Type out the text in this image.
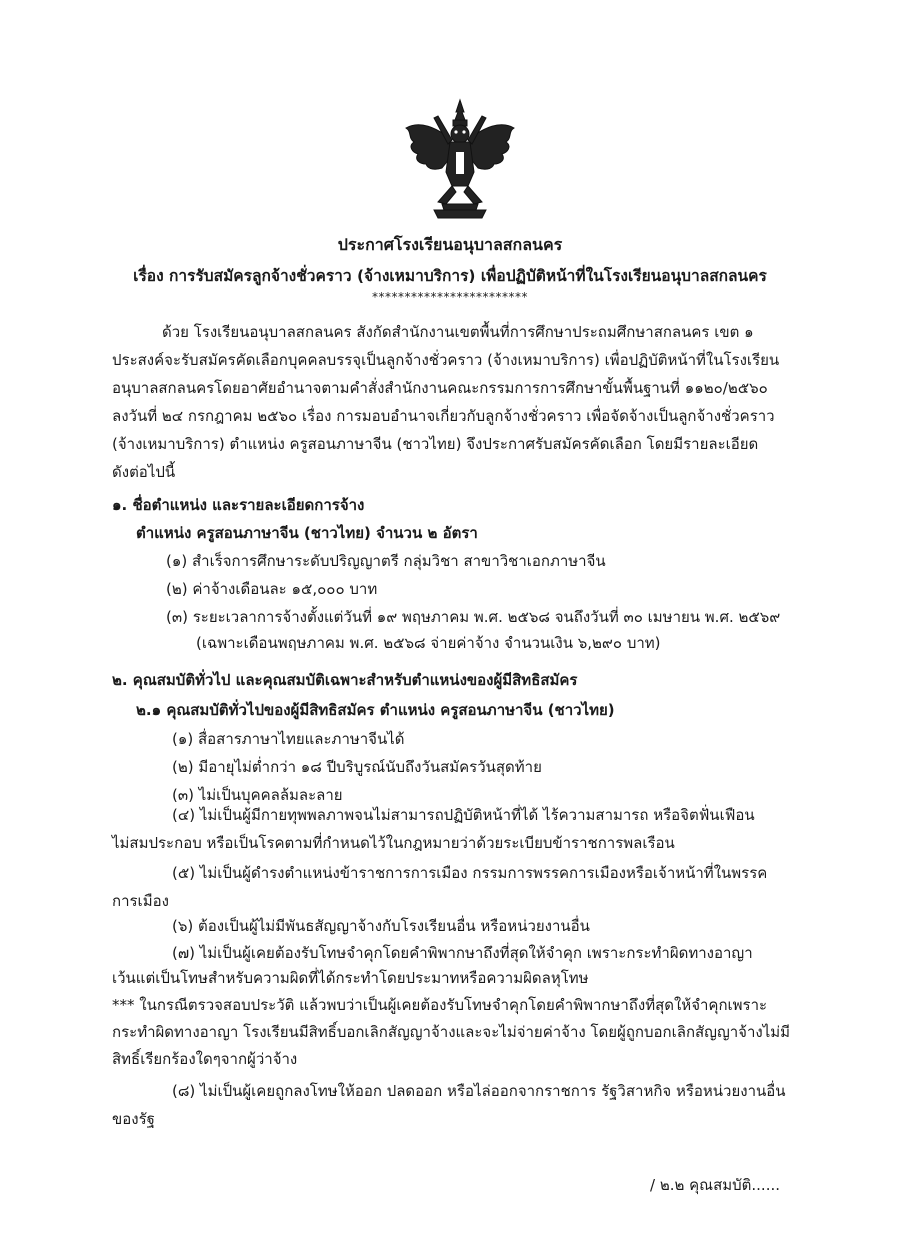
ประกาศโรงเรียนอนุบาลสกลนคร
เรื่อง การรับสมัครลูกจ้างชั่วคราว (จ้างเหมาบริการ) เพื่อปฏิบัติหน้าที่ในโรงเรียนอนุบาลสกลนคร
************************
ด้วย โรงเรียนอนุบาลสกลนคร สังกัดสำนักงานเขตพื้นที่การศึกษาประถมศึกษาสกลนคร เขต ๑
ประสงค์จะรับสมัครคัดเลือกบุคคลบรรจุเป็นลูกจ้างชั่วคราว (จ้างเหมาบริการ) เพื่อปฏิบัติหน้าที่ในโรงเรียน
อนุบาลสกลนครโดยอาศัยอำนาจตามคำสั่งสำนักงานคณะกรรมการการศึกษาขั้นพื้นฐานที่ ๑๑๒๐/๒๕๖๐
ลงวันที่ ๒๔ กรกฎาคม ๒๕๖๐ เรื่อง การมอบอำนาจเกี่ยวกับลูกจ้างชั่วคราว เพื่อจัดจ้างเป็นลูกจ้างชั่วคราว
(จ้างเหมาบริการ) ตำแหน่ง ครูสอนภาษาจีน (ชาวไทย) จึงประกาศรับสมัครคัดเลือก โดยมีรายละเอียด
ดังต่อไปนี้
๑. ชื่อตำแหน่ง และรายละเอียดการจ้าง
ตำแหน่ง ครูสอนภาษาจีน (ชาวไทย) จำนวน ๒ อัตรา
(๑) สำเร็จการศึกษาระดับปริญญาตรี กลุ่มวิชา สาขาวิชาเอกภาษาจีน
(๒) ค่าจ้างเดือนละ ๑๕,๐๐๐ บาท
(๓) ระยะเวลาการจ้างตั้งแต่วันที่ ๑๙ พฤษภาคม พ.ศ. ๒๕๖๘ จนถึงวันที่ ๓๐ เมษายน พ.ศ. ๒๕๖๙
(เฉพาะเดือนพฤษภาคม พ.ศ. ๒๕๖๘ จ่ายค่าจ้าง จำนวนเงิน ๖,๒๙๐ บาท)
๒. คุณสมบัติทั่วไป และคุณสมบัติเฉพาะสำหรับตำแหน่งของผู้มีสิทธิสมัคร
๒.๑ คุณสมบัติทั่วไปของผู้มีสิทธิสมัคร ตำแหน่ง ครูสอนภาษาจีน (ชาวไทย)
(๑) สื่อสารภาษาไทยและภาษาจีนได้
(๒) มีอายุไม่ต่ำกว่า ๑๘ ปีบริบูรณ์นับถึงวันสมัครวันสุดท้าย
(๓) ไม่เป็นบุคคลล้มละลาย
(๔) ไม่เป็นผู้มีกายทุพพลภาพจนไม่สามารถปฏิบัติหน้าที่ได้ ไร้ความสามารถ หรือจิตฟั่นเฟือน
ไม่สมประกอบ หรือเป็นโรคตามที่กำหนดไว้ในกฎหมายว่าด้วยระเบียบข้าราชการพลเรือน
(๕) ไม่เป็นผู้ดำรงตำแหน่งข้าราชการการเมือง กรรมการพรรคการเมืองหรือเจ้าหน้าที่ในพรรค
การเมือง
(๖) ต้องเป็นผู้ไม่มีพันธสัญญาจ้างกับโรงเรียนอื่น หรือหน่วยงานอื่น
(๗) ไม่เป็นผู้เคยต้องรับโทษจำคุกโดยคำพิพากษาถึงที่สุดให้จำคุก เพราะกระทำผิดทางอาญา
เว้นแต่เป็นโทษสำหรับความผิดที่ได้กระทำโดยประมาทหรือความผิดลหุโทษ
*** ในกรณีตรวจสอบประวัติ แล้วพบว่าเป็นผู้เคยต้องรับโทษจำคุกโดยคำพิพากษาถึงที่สุดให้จำคุกเพราะ
กระทำผิดทางอาญา โรงเรียนมีสิทธิ์บอกเลิกสัญญาจ้างและจะไม่จ่ายค่าจ้าง โดยผู้ถูกบอกเลิกสัญญาจ้างไม่มี
สิทธิ์เรียกร้องใดๆจากผู้ว่าจ้าง
(๘) ไม่เป็นผู้เคยถูกลงโทษให้ออก ปลดออก หรือไล่ออกจากราชการ รัฐวิสาหกิจ หรือหน่วยงานอื่น
ของรัฐ
/ ๒.๒ คุณสมบัติ......
